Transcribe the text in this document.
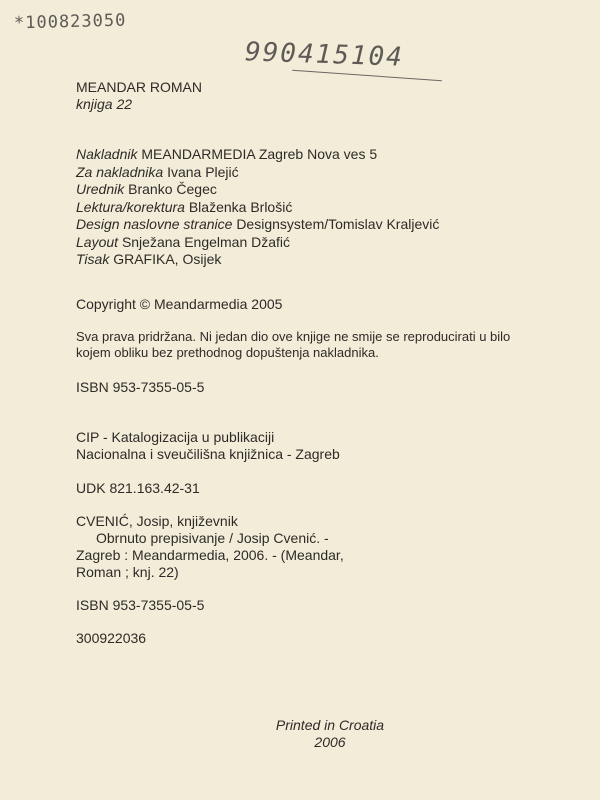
*100823050
990415104
MEANDAR ROMAN
knjiga 22
Nakladnik MEANDARMEDIA Zagreb Nova ves 5
Za nakladnika Ivana Plejić
Urednik Branko Čegec
Lektura/korektura Blaženka Brlošić
Design naslovne stranice Designsystem/Tomislav Kraljević
Layout Snježana Engelman Džafić
Tisak GRAFIKA, Osijek
Copyright © Meandarmedia 2005
Sva prava pridržana. Ni jedan dio ove knjige ne smije se reproducirati u bilo
kojem obliku bez prethodnog dopuštenja nakladnika.
ISBN 953-7355-05-5
CIP - Katalogizacija u publikaciji
Nacionalna i sveučilišna knjižnica - Zagreb
UDK 821.163.42-31
CVENIĆ, Josip, književnik
Obrnuto prepisivanje / Josip Cvenić. -
Zagreb : Meandarmedia, 2006. - (Meandar,
Roman ; knj. 22)
ISBN 953-7355-05-5
300922036
Printed in Croatia
2006
